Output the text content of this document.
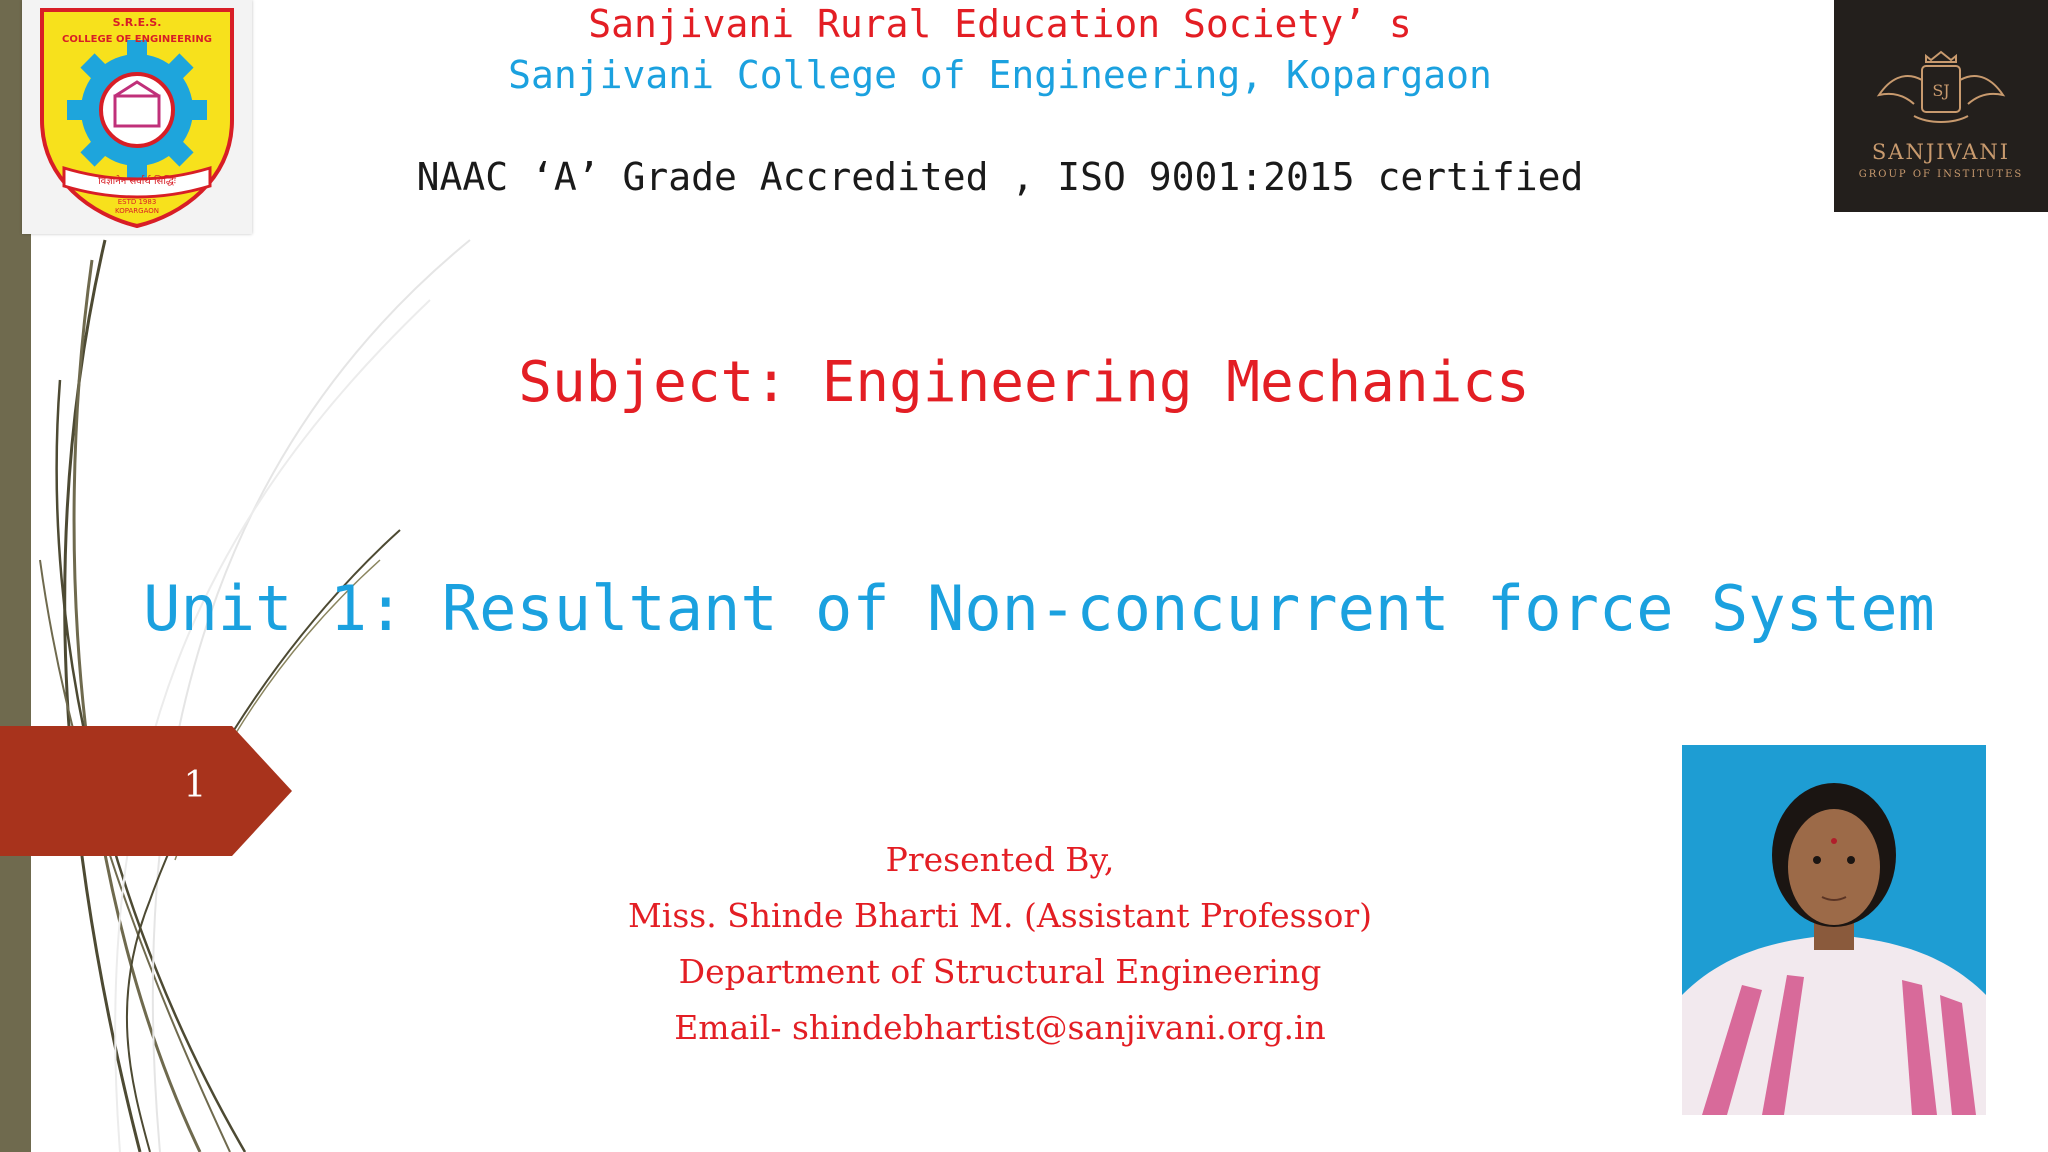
Sanjivani Rural Education Society’ s
Sanjivani College of Engineering, Kopargaon
NAAC ‘A’ Grade Accredited , ISO 9001:2015 certified
S.R.E.S.
COLLEGE OF ENGINEERING
विज्ञानेन सर्वार्थ सिद्धिः
ESTD 1983
KOPARGAON
SJ
SANJIVANI
GROUP OF INSTITUTES
Subject: Engineering Mechanics
Unit 1: Resultant of Non-concurrent force System
1
Presented By,
Miss. Shinde Bharti M. (Assistant Professor)
Department of Structural Engineering
Email- shindebhartist@sanjivani.org.in
